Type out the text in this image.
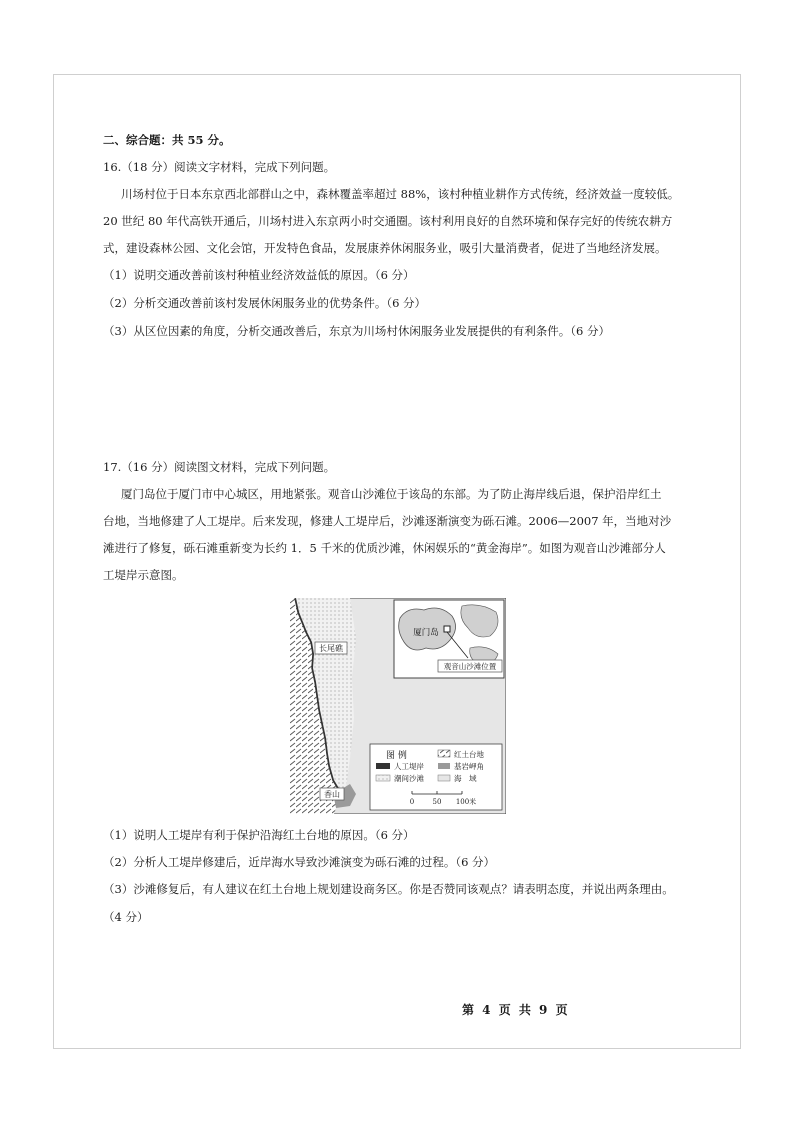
二、综合题：共 55 分。
16.（18 分）阅读文字材料，完成下列问题。
川场村位于日本东京西北部群山之中，森林覆盖率超过 88%，该村种植业耕作方式传统，经济效益一度较低。
20 世纪 80 年代高铁开通后，川场村进入东京两小时交通圈。该村利用良好的自然环境和保存完好的传统农耕方
式，建设森林公园、文化会馆，开发特色食品，发展康养休闲服务业，吸引大量消费者，促进了当地经济发展。
（1）说明交通改善前该村种植业经济效益低的原因。（6 分）
（2）分析交通改善前该村发展休闲服务业的优势条件。（6 分）
（3）从区位因素的角度，分析交通改善后，东京为川场村休闲服务业发展提供的有利条件。（6 分）
17.（16 分）阅读图文材料，完成下列问题。
厦门岛位于厦门市中心城区，用地紧张。观音山沙滩位于该岛的东部。为了防止海岸线后退，保护沿岸红土
台地，当地修建了人工堤岸。后来发现，修建人工堤岸后，沙滩逐渐演变为砾石滩。2006—2007 年，当地对沙
滩进行了修复，砾石滩重新变为长约 1．5 千米的优质沙滩，休闲娱乐的“黄金海岸”。如图为观音山沙滩部分人
工堤岸示意图。
长尾礁
香山
厦门岛
观音山沙滩位置
图 例	红土台地
人工堤岸	基岩岬角
潮间沙滩	海　域
0	50 100米
（1）说明人工堤岸有利于保护沿海红土台地的原因。（6 分）
（2）分析人工堤岸修建后，近岸海水导致沙滩演变为砾石滩的过程。（6 分）
（3）沙滩修复后，有人建议在红土台地上规划建设商务区。你是否赞同该观点？请表明态度，并说出两条理由。
（4 分）
第 4 页 共 9 页
